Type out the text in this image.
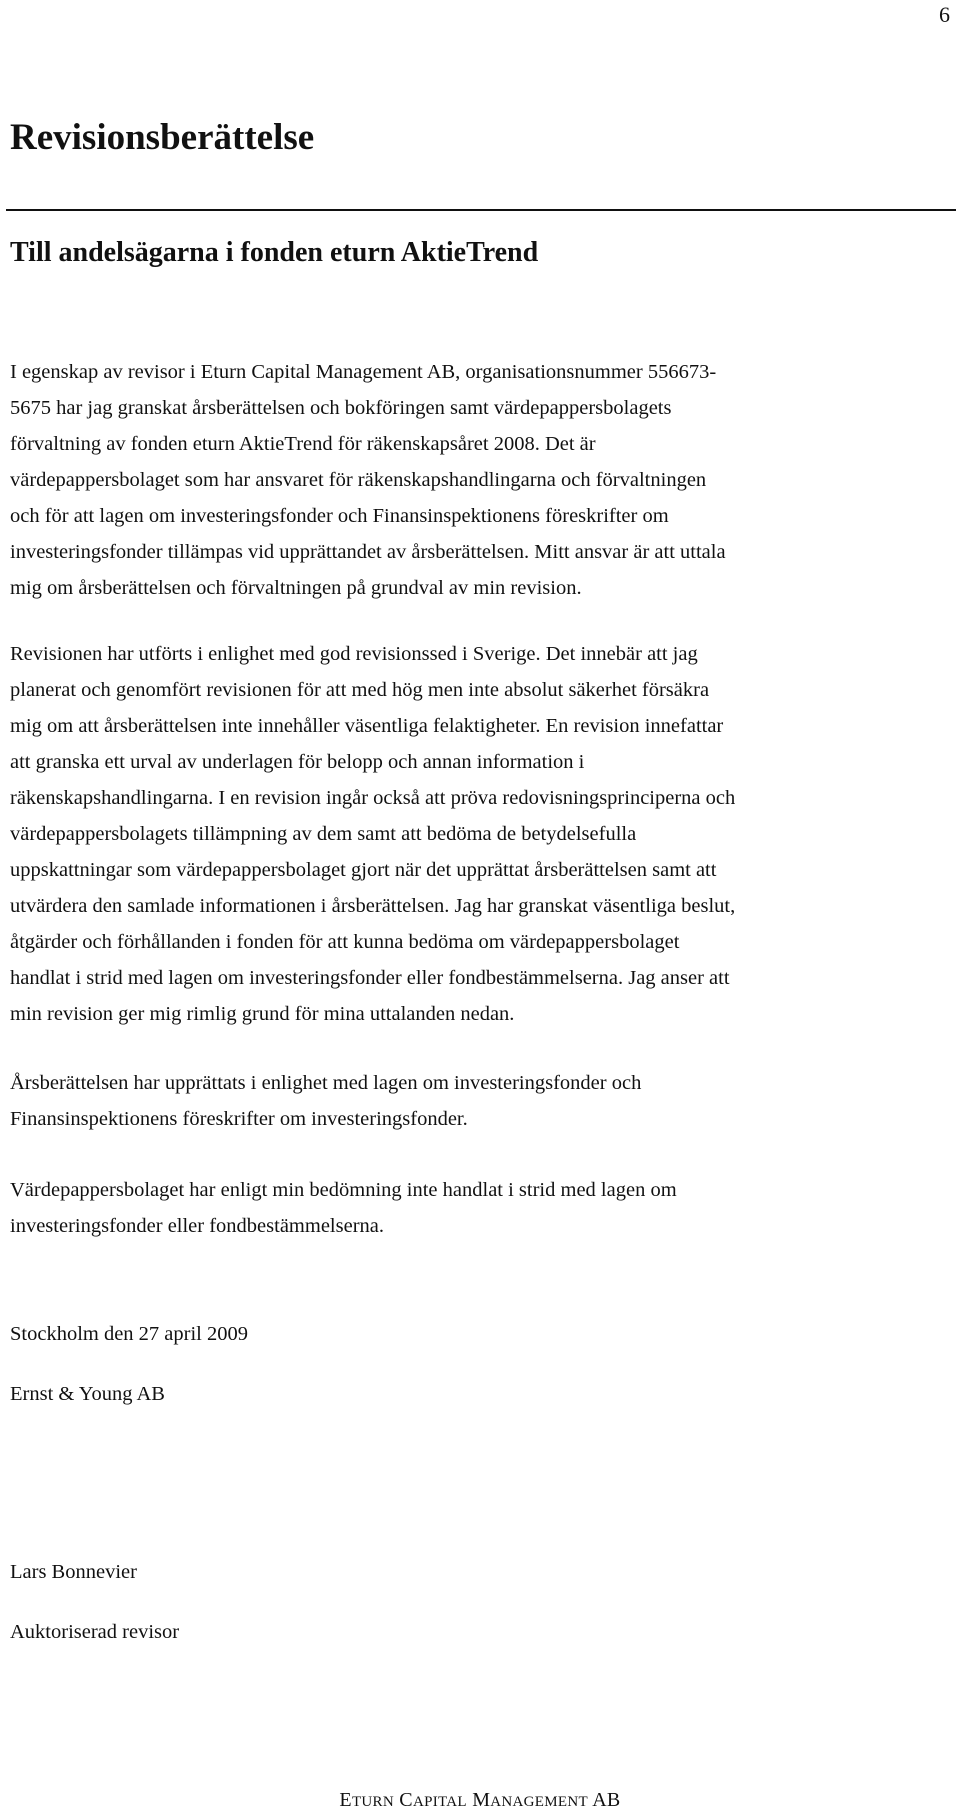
6
Revisionsberättelse
Till andelsägarna i fonden eturn AktieTrend

I egenskap av revisor i Eturn Capital Management AB, organisationsnummer 556673-
5675 har jag granskat årsberättelsen och bokföringen samt värdepappersbolagets
förvaltning av fonden eturn AktieTrend för räkenskapsåret 2008. Det är
värdepappersbolaget som har ansvaret för räkenskapshandlingarna och förvaltningen
och för att lagen om investeringsfonder och Finansinspektionens föreskrifter om
investeringsfonder tillämpas vid upprättandet av årsberättelsen. Mitt ansvar är att uttala
mig om årsberättelsen och förvaltningen på grundval av min revision.

Revisionen har utförts i enlighet med god revisionssed i Sverige. Det innebär att jag
planerat och genomfört revisionen för att med hög men inte absolut säkerhet försäkra
mig om att årsberättelsen inte innehåller väsentliga felaktigheter. En revision innefattar
att granska ett urval av underlagen för belopp och annan information i
räkenskapshandlingarna. I en revision ingår också att pröva redovisningsprinciperna och
värdepappersbolagets tillämpning av dem samt att bedöma de betydelsefulla
uppskattningar som värdepappersbolaget gjort när det upprättat årsberättelsen samt att
utvärdera den samlade informationen i årsberättelsen. Jag har granskat väsentliga beslut,
åtgärder och förhållanden i fonden för att kunna bedöma om värdepappersbolaget
handlat i strid med lagen om investeringsfonder eller fondbestämmelserna. Jag anser att
min revision ger mig rimlig grund för mina uttalanden nedan.

Årsberättelsen har upprättats i enlighet med lagen om investeringsfonder och
Finansinspektionens föreskrifter om investeringsfonder.

Värdepappersbolaget har enligt min bedömning inte handlat i strid med lagen om
investeringsfonder eller fondbestämmelserna.

Stockholm den 27 april 2009

Ernst & Young AB

Lars Bonnevier

Auktoriserad revisor

ETURN CAPITAL MANAGEMENT AB
